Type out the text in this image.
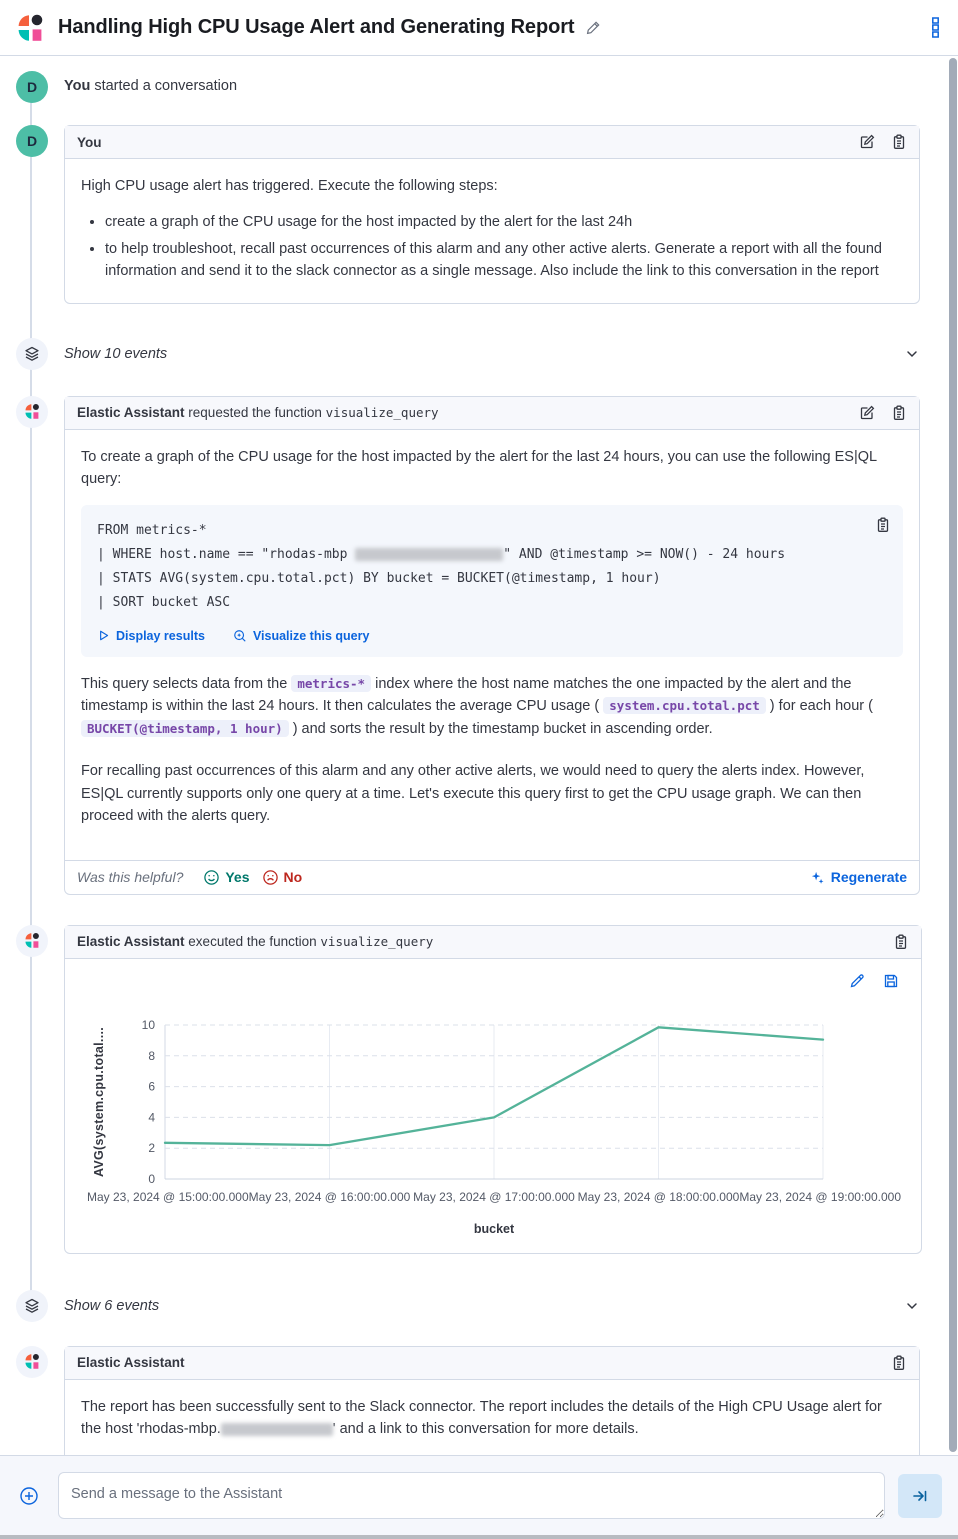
Handling High CPU Usage Alert and Generating Report
D	You started a conversation
D	You

High CPU usage alert has triggered. Execute the following steps:

• create a graph of the CPU usage for the host impacted by the alert for the last 24h
• to help troubleshoot, recall past occurrences of this alarm and any other active alerts. Generate a report with all the found information and send it to the slack connector as a single message. Also include the link to this conversation in the report
Show 10 events
Elastic Assistant requested the function visualize_query

To create a graph of the CPU usage for the host impacted by the alert for the last 24 hours, you can use the following ES|QL query:

FROM metrics-*
| WHERE host.name == "rhodas-mbp	" AND @timestamp >= NOW() - 24 hours
| STATS AVG(system.cpu.total.pct) BY bucket = BUCKET(@timestamp, 1 hour)
| SORT bucket ASC
Display results	Visualize this query

This query selects data from the metrics-* index where the host name matches the one impacted by the alert and the timestamp is within the last 24 hours. It then calculates the average CPU usage ( system.cpu.total.pct ) for each hour ( BUCKET(@timestamp, 1 hour) ) and sorts the result by the timestamp bucket in ascending order.

For recalling past occurrences of this alarm and any other active alerts, we would need to query the alerts index. However, ES|QL currently supports only one query at a time. Let's execute this query first to get the CPU usage graph. We can then proceed with the alerts query.

Was this helpful?	Yes No	Regenerate
Elastic Assistant executed the function visualize_query
May 23, 2024 @ 15:00:00.000 May 23, 2024 @ 16:00:00.000 May 23, 2024 @ 17:00:00.000 May 23, 2024 @ 18:00:00.000 May 23, 2024 @ 19:00:00.000
0
2
4
6
8
10
AVG(system.cpu.total....
bucket
Show 6 events
Elastic Assistant

The report has been successfully sent to the Slack connector. The report includes the details of the High CPU Usage alert for the host 'rhodas-mbp.	' and a link to this conversation for more details.

Send a message to the Assistant
